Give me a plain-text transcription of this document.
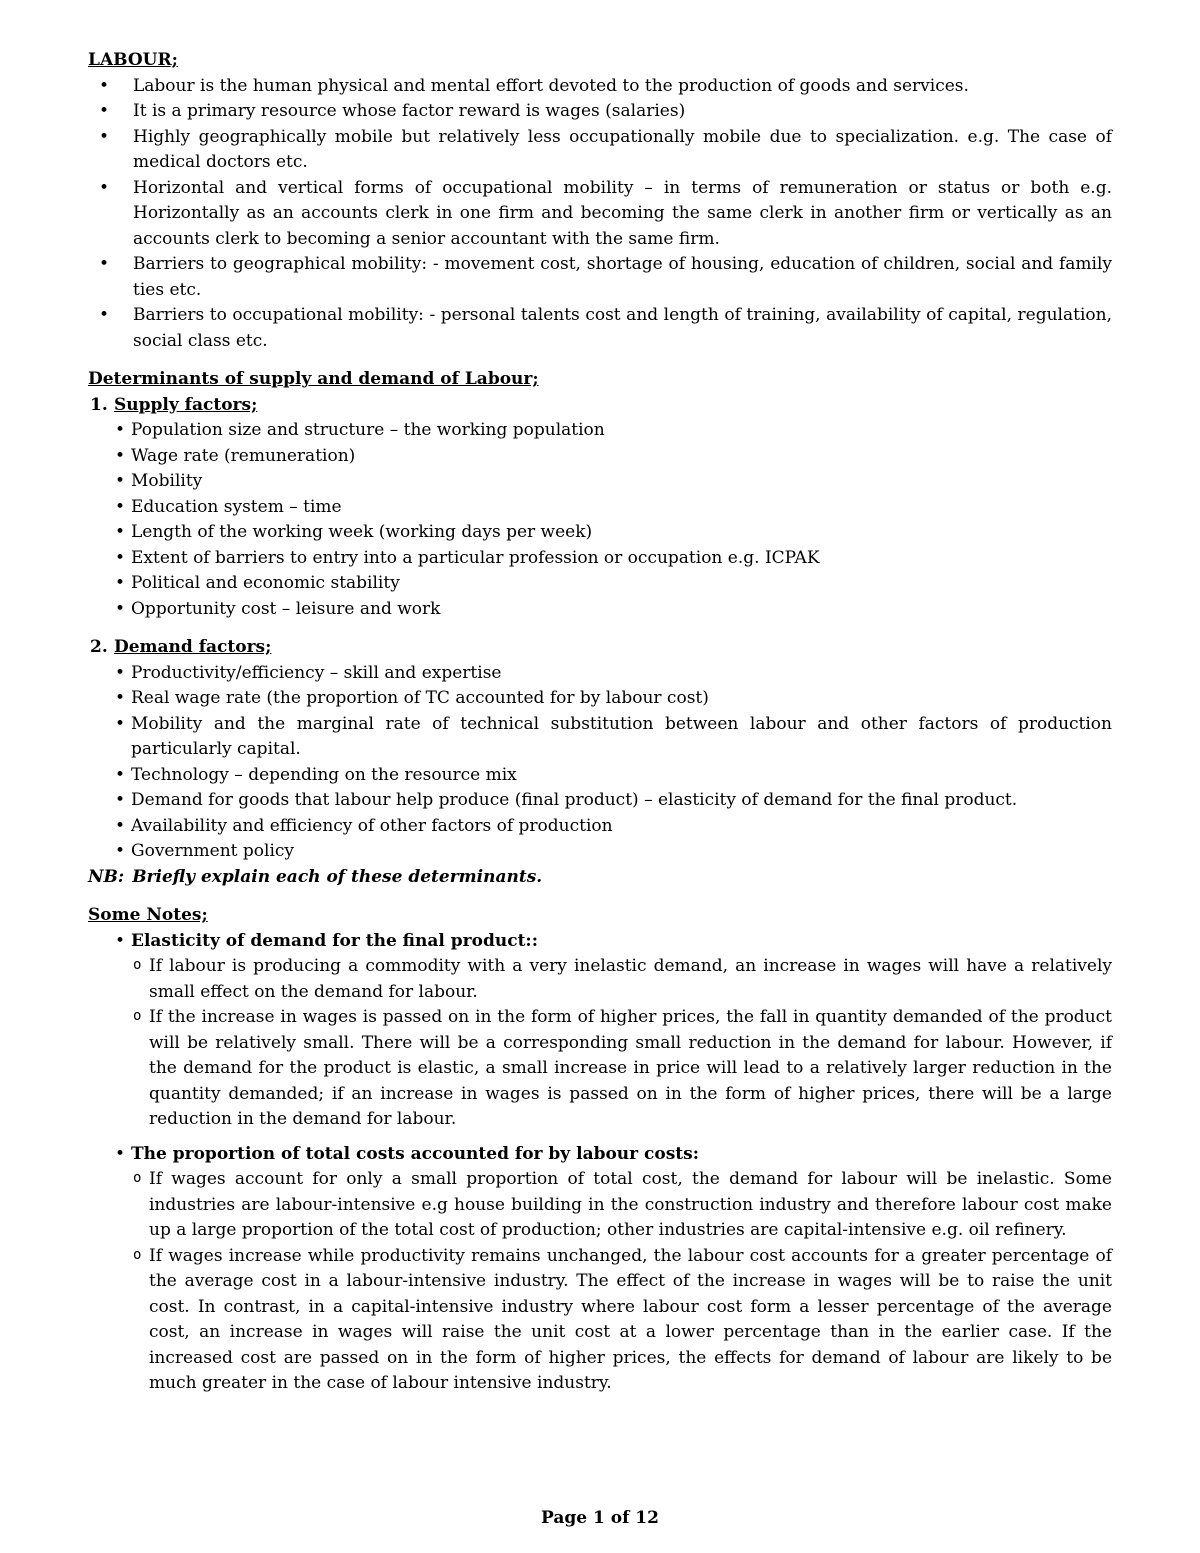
LABOUR;

• Labour is the human physical and mental effort devoted to the production of goods and services.
• It is a primary resource whose factor reward is wages (salaries)
• Highly geographically mobile but relatively less occupationally mobile due to specialization. e.g. The case of medical doctors etc.
• Horizontal and vertical forms of occupational mobility – in terms of remuneration or status or both e.g. Horizontally as an accounts clerk in one firm and becoming the same clerk in another firm or vertically as an accounts clerk to becoming a senior accountant with the same firm.
• Barriers to geographical mobility: - movement cost, shortage of housing, education of children, social and family ties etc.
• Barriers to occupational mobility: - personal talents cost and length of training, availability of capital, regulation, social class etc.

Determinants of supply and demand of Labour;

1. Supply factors;
• Population size and structure – the working population
• Wage rate (remuneration)
• Mobility
• Education system – time
• Length of the working week (working days per week)
• Extent of barriers to entry into a particular profession or occupation e.g. ICPAK
• Political and economic stability
• Opportunity cost – leisure and work
2. Demand factors;
• Productivity/efficiency – skill and expertise
• Real wage rate (the proportion of TC accounted for by labour cost)
• Mobility and the marginal rate of technical substitution between labour and other factors of production particularly capital.
• Technology – depending on the resource mix
• Demand for goods that labour help produce (final product) – elasticity of demand for the final product.
• Availability and efficiency of other factors of production
• Government policy
NB: Briefly explain each of these determinants.

Some Notes;

• Elasticity of demand for the final product::
o If labour is producing a commodity with a very inelastic demand, an increase in wages will have a relatively small effect on the demand for labour.
o If the increase in wages is passed on in the form of higher prices, the fall in quantity demanded of the product will be relatively small. There will be a corresponding small reduction in the demand for labour. However, if the demand for the product is elastic, a small increase in price will lead to a relatively larger reduction in the quantity demanded; if an increase in wages is passed on in the form of higher prices, there will be a large reduction in the demand for labour.
• The proportion of total costs accounted for by labour costs:
o If wages account for only a small proportion of total cost, the demand for labour will be inelastic. Some industries are labour-intensive e.g house building in the construction industry and therefore labour cost make up a large proportion of the total cost of production; other industries are capital-intensive e.g. oil refinery.
o If wages increase while productivity remains unchanged, the labour cost accounts for a greater percentage of the average cost in a labour-intensive industry. The effect of the increase in wages will be to raise the unit cost. In contrast, in a capital-intensive industry where labour cost form a lesser percentage of the average cost, an increase in wages will raise the unit cost at a lower percentage than in the earlier case. If the increased cost are passed on in the form of higher prices, the effects for demand of labour are likely to be much greater in the case of labour intensive industry.
Page 1 of 12
